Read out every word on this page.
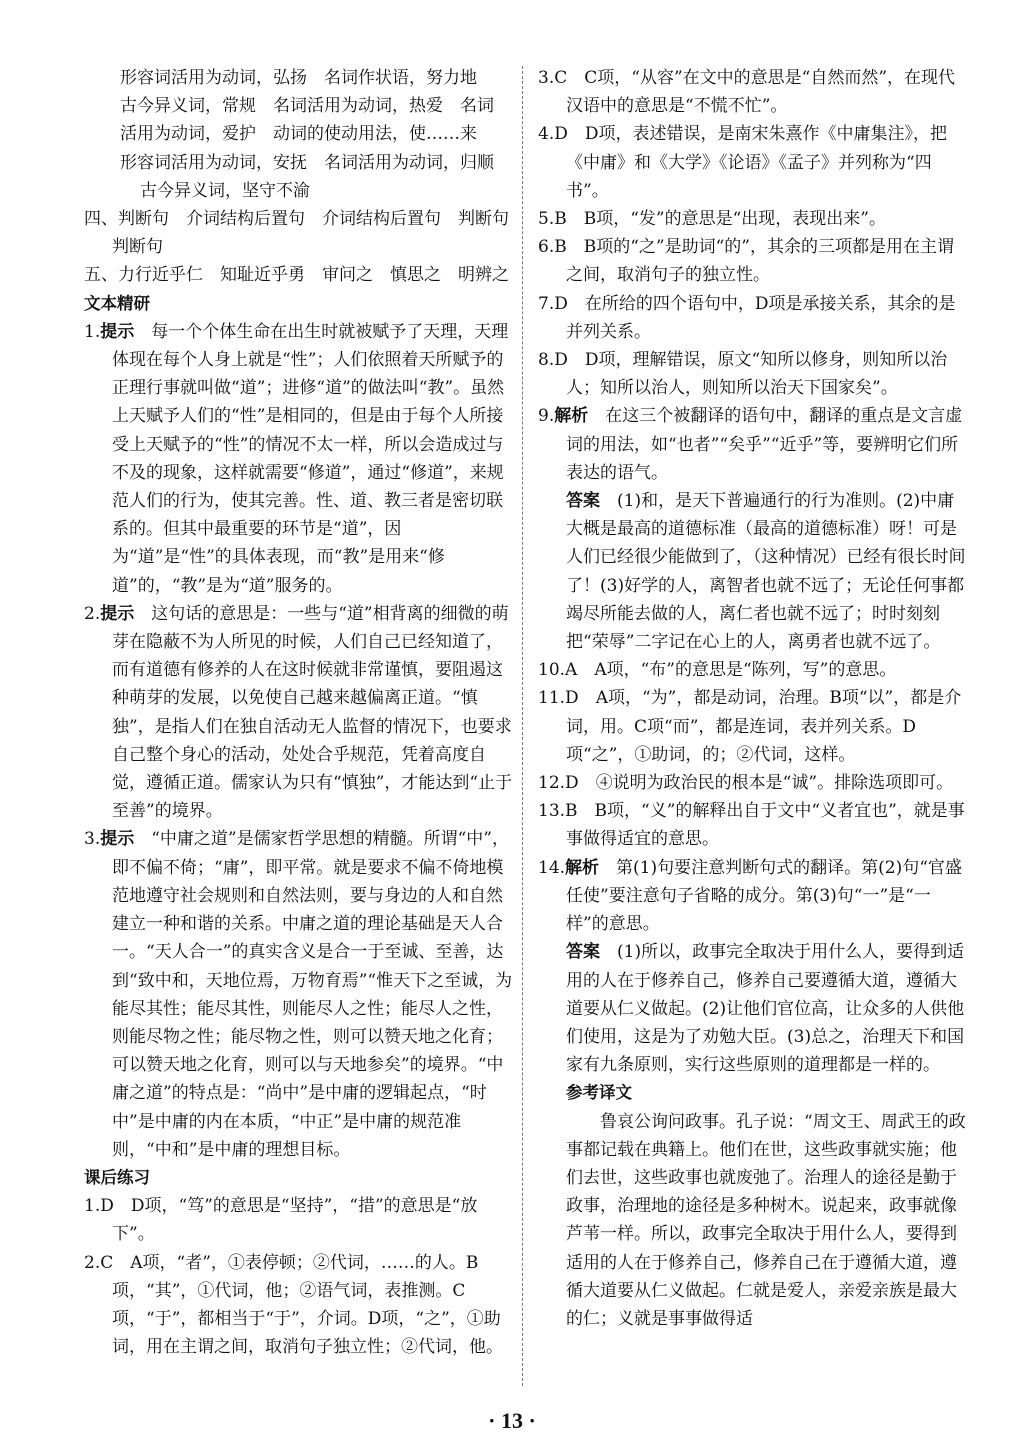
形容词活用为动词，弘扬　名词作状语，努力地
古今异义词，常规　名词活用为动词，热爱　名词
活用为动词，爱护　动词的使动用法，使……来
形容词活用为动词，安抚　名词活用为动词，归顺
古今异义词，坚守不渝
四、判断句　介词结构后置句　介词结构后置句　判断句　判断句
五、力行近乎仁　知耻近乎勇　审问之　慎思之　明辨之
文本精研
1.提示　 每一个个体生命在出生时就被赋予了天理，天理体现在每个人身上就是“性”；人们依照着天所赋予的正理行事就叫做“道”；进修“道”的做法叫“教”。虽然上天赋予人们的“性”是相同的，但是由于每个人所接受上天赋予的“性”的情况不太一样，所以会造成过与不及的现象，这样就需要“修道”，通过“修道”，来规范人们的行为，使其完善。性、道、教三者是密切联系的。但其中最重要的环节是“道”，因为“道”是“性”的具体表现，而“教”是用来“修道”的，“教”是为“道”服务的。
2.提示　 这句话的意思是：一些与“道”相背离的细微的萌芽在隐蔽不为人所见的时候，人们自己已经知道了，而有道德有修养的人在这时候就非常谨慎，要阻遏这种萌芽的发展，以免使自己越来越偏离正道。“慎独”，是指人们在独自活动无人监督的情况下，也要求自己整个身心的活动，处处合乎规范，凭着高度自觉，遵循正道。儒家认为只有“慎独”，才能达到“止于至善”的境界。
3.提示　 “中庸之道”是儒家哲学思想的精髓。所谓“中”，即不偏不倚；“庸”，即平常。就是要求不偏不倚地模范地遵守社会规则和自然法则，要与身边的人和自然建立一种和谐的关系。中庸之道的理论基础是天人合一。“天人合一”的真实含义是合一于至诚、至善，达到“致中和，天地位焉，万物育焉”“惟天下之至诚，为能尽其性；能尽其性，则能尽人之性；能尽人之性，则能尽物之性；能尽物之性，则可以赞天地之化育；可以赞天地之化育，则可以与天地参矣”的境界。“中庸之道”的特点是：“尚中”是中庸的逻辑起点，“时中”是中庸的内在本质，“中正”是中庸的规范准则，“中和”是中庸的理想目标。
课后练习
1.D　 D项，“笃”的意思是“坚持”，“措”的意思是“放下”。
2.C　 A项，“者”，①表停顿；②代词，……的人。B项，“其”，①代词，他；②语气词，表推测。C项，“于”，都相当于“于”，介词。D项，“之”，①助词，用在主谓之间，取消句子独立性；②代词，他。
3.C　 C项，“从容”在文中的意思是“自然而然”，在现代汉语中的意思是“不慌不忙”。
4.D　 D项，表述错误，是南宋朱熹作《中庸集注》，把《中庸》和《大学》《论语》《孟子》并列称为“四书”。
5.B　 B项，“发”的意思是“出现，表现出来”。
6.B　 B项的“之”是助词“的”，其余的三项都是用在主谓之间，取消句子的独立性。
7.D　 在所给的四个语句中，D项是承接关系，其余的是并列关系。
8.D　 D项，理解错误，原文“知所以修身，则知所以治人；知所以治人，则知所以治天下国家矣”。
9.解析　 在这三个被翻译的语句中，翻译的重点是文言虚词的用法，如“也者”“矣乎”“近乎”等，要辨明它们所表达的语气。
答案　 (1)和，是天下普遍通行的行为准则。(2)中庸大概是最高的道德标准（最高的道德标准）呀！可是人们已经很少能做到了，（这种情况）已经有很长时间了！(3)好学的人，离智者也就不远了；无论任何事都竭尽所能去做的人，离仁者也就不远了；时时刻刻把“荣辱”二字记在心上的人，离勇者也就不远了。
10.A　 A项，“布”的意思是“陈列，写”的意思。
11.D　 A项，“为”，都是动词，治理。B项“以”，都是介词，用。C项“而”，都是连词，表并列关系。D项“之”，①助词，的；②代词，这样。
12.D　 ④说明为政治民的根本是“诚”。排除选项即可。
13.B　 B项，“义”的解释出自于文中“义者宜也”，就是事事做得适宜的意思。
14.解析　 第(1)句要注意判断句式的翻译。第(2)句“官盛任使”要注意句子省略的成分。第(3)句“一”是“一样”的意思。
答案　 (1)所以，政事完全取决于用什么人，要得到适用的人在于修养自己，修养自己要遵循大道，遵循大道要从仁义做起。(2)让他们官位高，让众多的人供他们使用，这是为了劝勉大臣。(3)总之，治理天下和国家有九条原则，实行这些原则的道理都是一样的。
参考译文
鲁哀公询问政事。孔子说：“周文王、周武王的政事都记载在典籍上。他们在世，这些政事就实施；他们去世，这些政事也就废弛了。治理人的途径是勤于政事，治理地的途径是多种树木。说起来，政事就像芦苇一样。所以，政事完全取决于用什么人，要得到适用的人在于修养自己，修养自己在于遵循大道，遵循大道要从仁义做起。仁就是爱人，亲爱亲族是最大的仁；义就是事事做得适
· 13 ·
